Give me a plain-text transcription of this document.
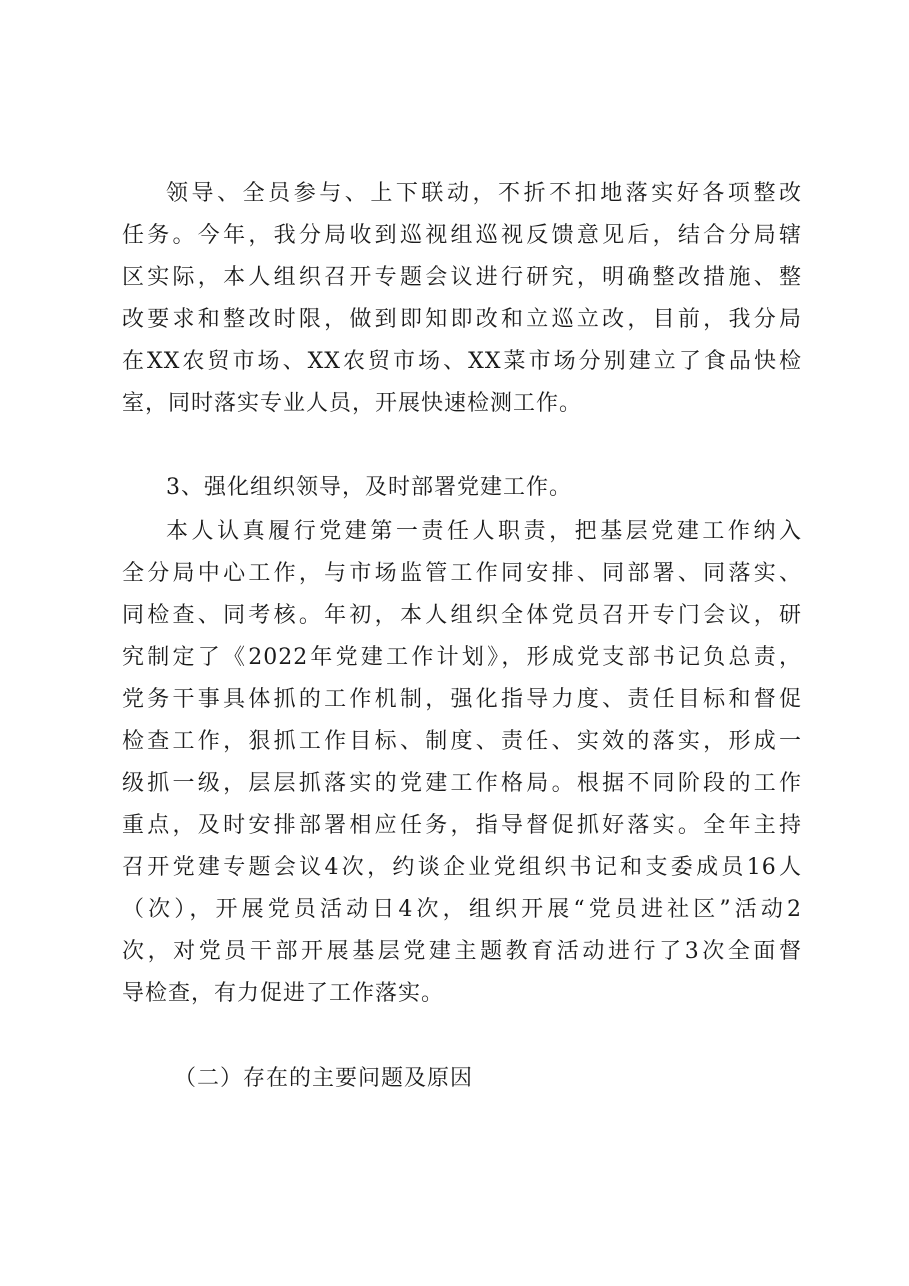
领导、全员参与、上下联动，不折不扣地落实好各项整改
任务。今年，我分局收到巡视组巡视反馈意见后，结合分局辖
区实际，本人组织召开专题会议进行研究，明确整改措施、整
改要求和整改时限，做到即知即改和立巡立改，目前，我分局
在XX农贸市场、XX农贸市场、XX菜市场分别建立了食品快检
室，同时落实专业人员，开展快速检测工作。
3、强化组织领导，及时部署党建工作。
本人认真履行党建第一责任人职责，把基层党建工作纳入
全分局中心工作，与市场监管工作同安排、同部署、同落实、
同检查、同考核。年初，本人组织全体党员召开专门会议，研
究制定了《2022年党建工作计划》，形成党支部书记负总责，
党务干事具体抓的工作机制，强化指导力度、责任目标和督促
检查工作，狠抓工作目标、制度、责任、实效的落实，形成一
级抓一级，层层抓落实的党建工作格局。根据不同阶段的工作
重点，及时安排部署相应任务，指导督促抓好落实。全年主持
召开党建专题会议4次，约谈企业党组织书记和支委成员16人
（次），开展党员活动日4次，组织开展“党员进社区”活动2
次，对党员干部开展基层党建主题教育活动进行了3次全面督
导检查，有力促进了工作落实。
（二）存在的主要问题及原因
